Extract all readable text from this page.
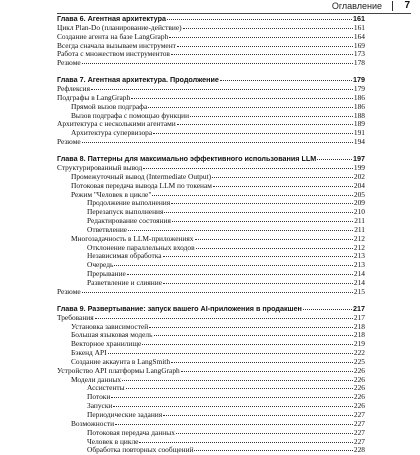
Оглавление 7
Глава 6. Агентная архитектура	161
Цикл Plan-Do (планирование-действие)	161
Создание агента на базе LangGraph	164
Всегда сначала вызываем инструмент	169
Работа с множеством инструментов	173
Резюме	178
Глава 7. Агентная архитектура. Продолжение	179
Рефлексия	179
Подграфы в LangGraph	186
Прямой вызов подграфа	186
Вызов подграфа с помощью функции	188
Архитектура с несколькими агентами	189
Архитектура супервизора	191
Резюме	194
Глава 8. Паттерны для максимально эффективного использования LLM	197
Структурированный вывод	199
Промежуточный вывод (Intermediate Output)	202
Потоковая передача вывода LLM по токенам	204
Режим "Человек в цикле"	205
Продолжение выполнения	209
Перезапуск выполнения	210
Редактирование состояния	211
Ответвление	211
Многозадачность в LLM-приложениях	212
Отклонение параллельных входов	212
Независимая обработка	213
Очередь	213
Прерывание	214
Разветвление и слияние	214
Резюме	215
Глава 9. Развертывание: запуск вашего AI-приложения в продакшен	217
Требования	217
Установка зависимостей	218
Большая языковая модель	218
Векторное хранилище	219
Бэкенд API	222
Создание аккаунта в LangSmith	225
Устройство API платформы LangGraph	226
Модели данных	226
Ассистенты	226
Потоки	226
Запуски	226
Периодические задания	227
Возможности	227
Потоковая передача данных	227
Человек в цикле	227
Обработка повторных сообщений	228
